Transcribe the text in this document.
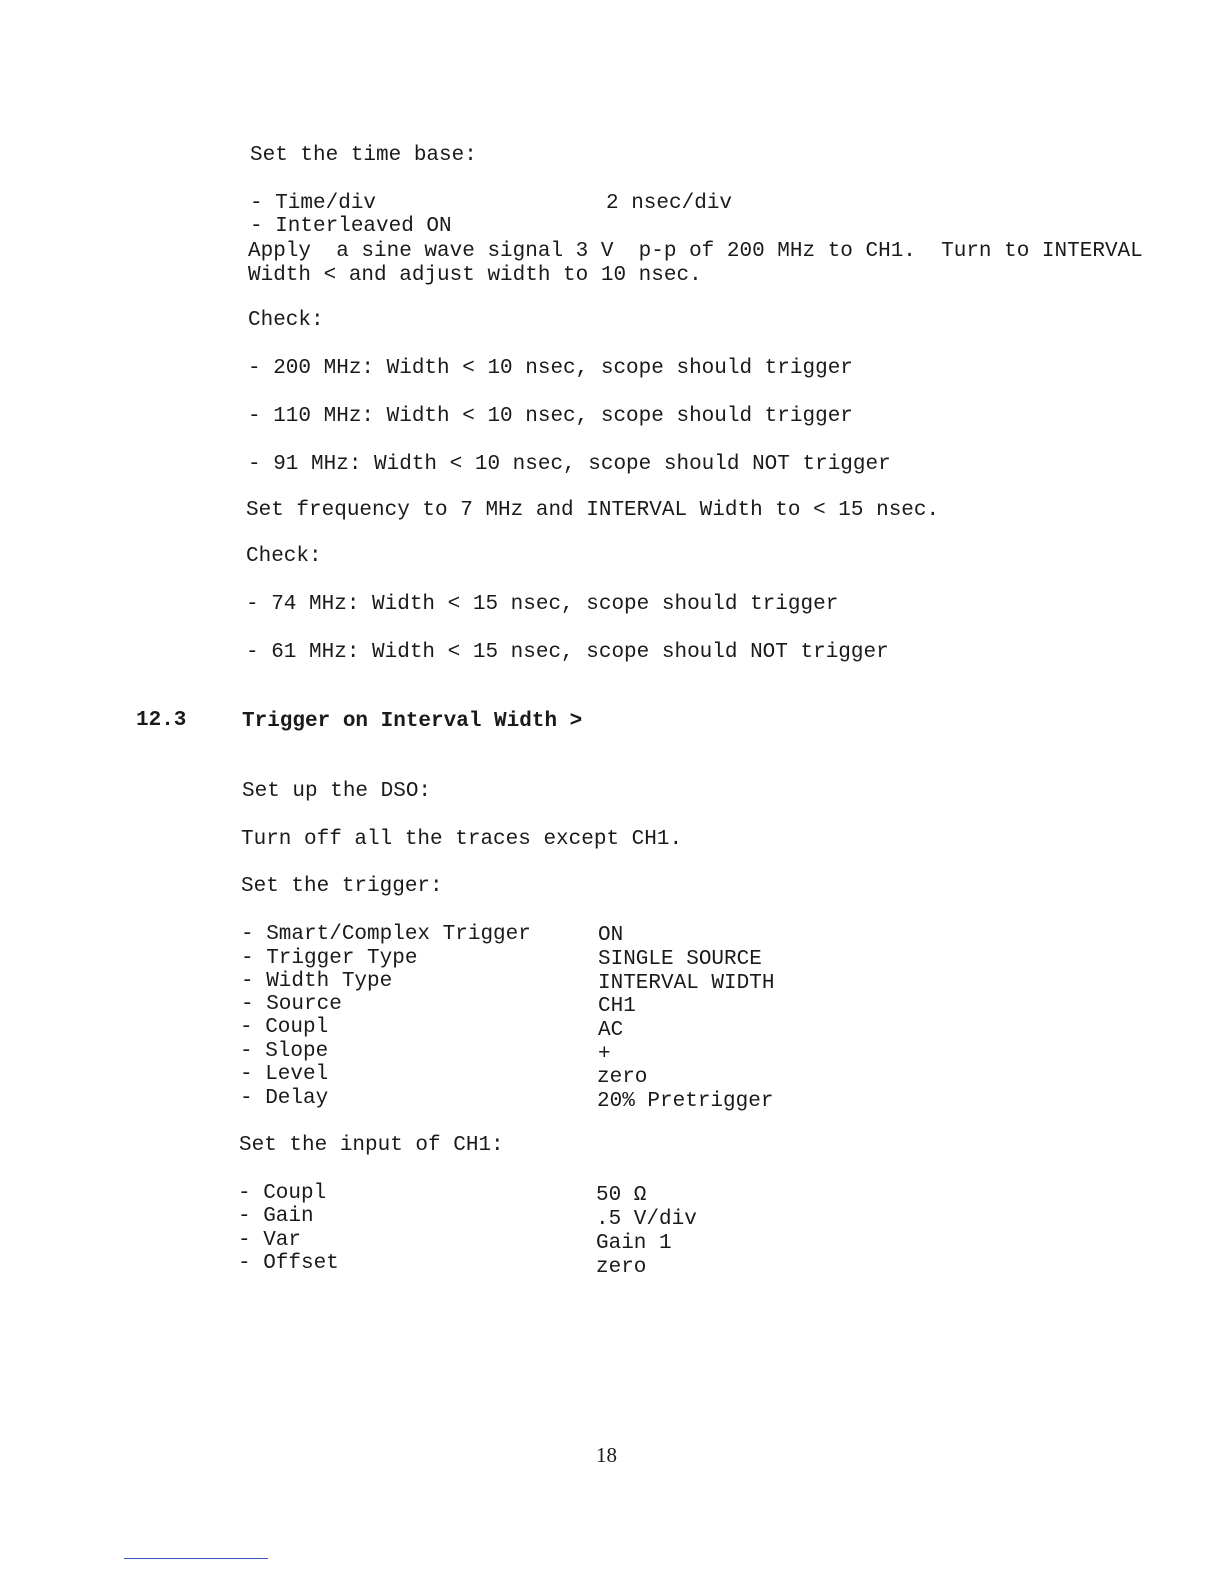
Set the time base:
- Time/div	2 nsec/div
- Interleaved ON
Apply  a sine wave signal 3 V  p-p of 200 MHz to CH1.  Turn to INTERVAL
Width < and adjust width to 10 nsec.
Check:
- 200 MHz: Width < 10 nsec, scope should trigger
- 110 MHz: Width < 10 nsec, scope should trigger
- 91 MHz: Width < 10 nsec, scope should NOT trigger
Set frequency to 7 MHz and INTERVAL Width to < 15 nsec.
Check:
- 74 MHz: Width < 15 nsec, scope should trigger
- 61 MHz: Width < 15 nsec, scope should NOT trigger
12.3	Trigger on Interval Width >
Set up the DSO:
Turn off all the traces except CH1.
Set the trigger:
- Smart/Complex Trigger	ON
- Trigger Type	SINGLE SOURCE
- Width Type	INTERVAL WIDTH
- Source	CH1
- Coupl	AC
- Slope	+
- Level	zero
- Delay	20% Pretrigger
Set the input of CH1:
- Coupl	50 Ω
- Gain	.5 V/div
- Var	Gain 1
- Offset	zero
18
